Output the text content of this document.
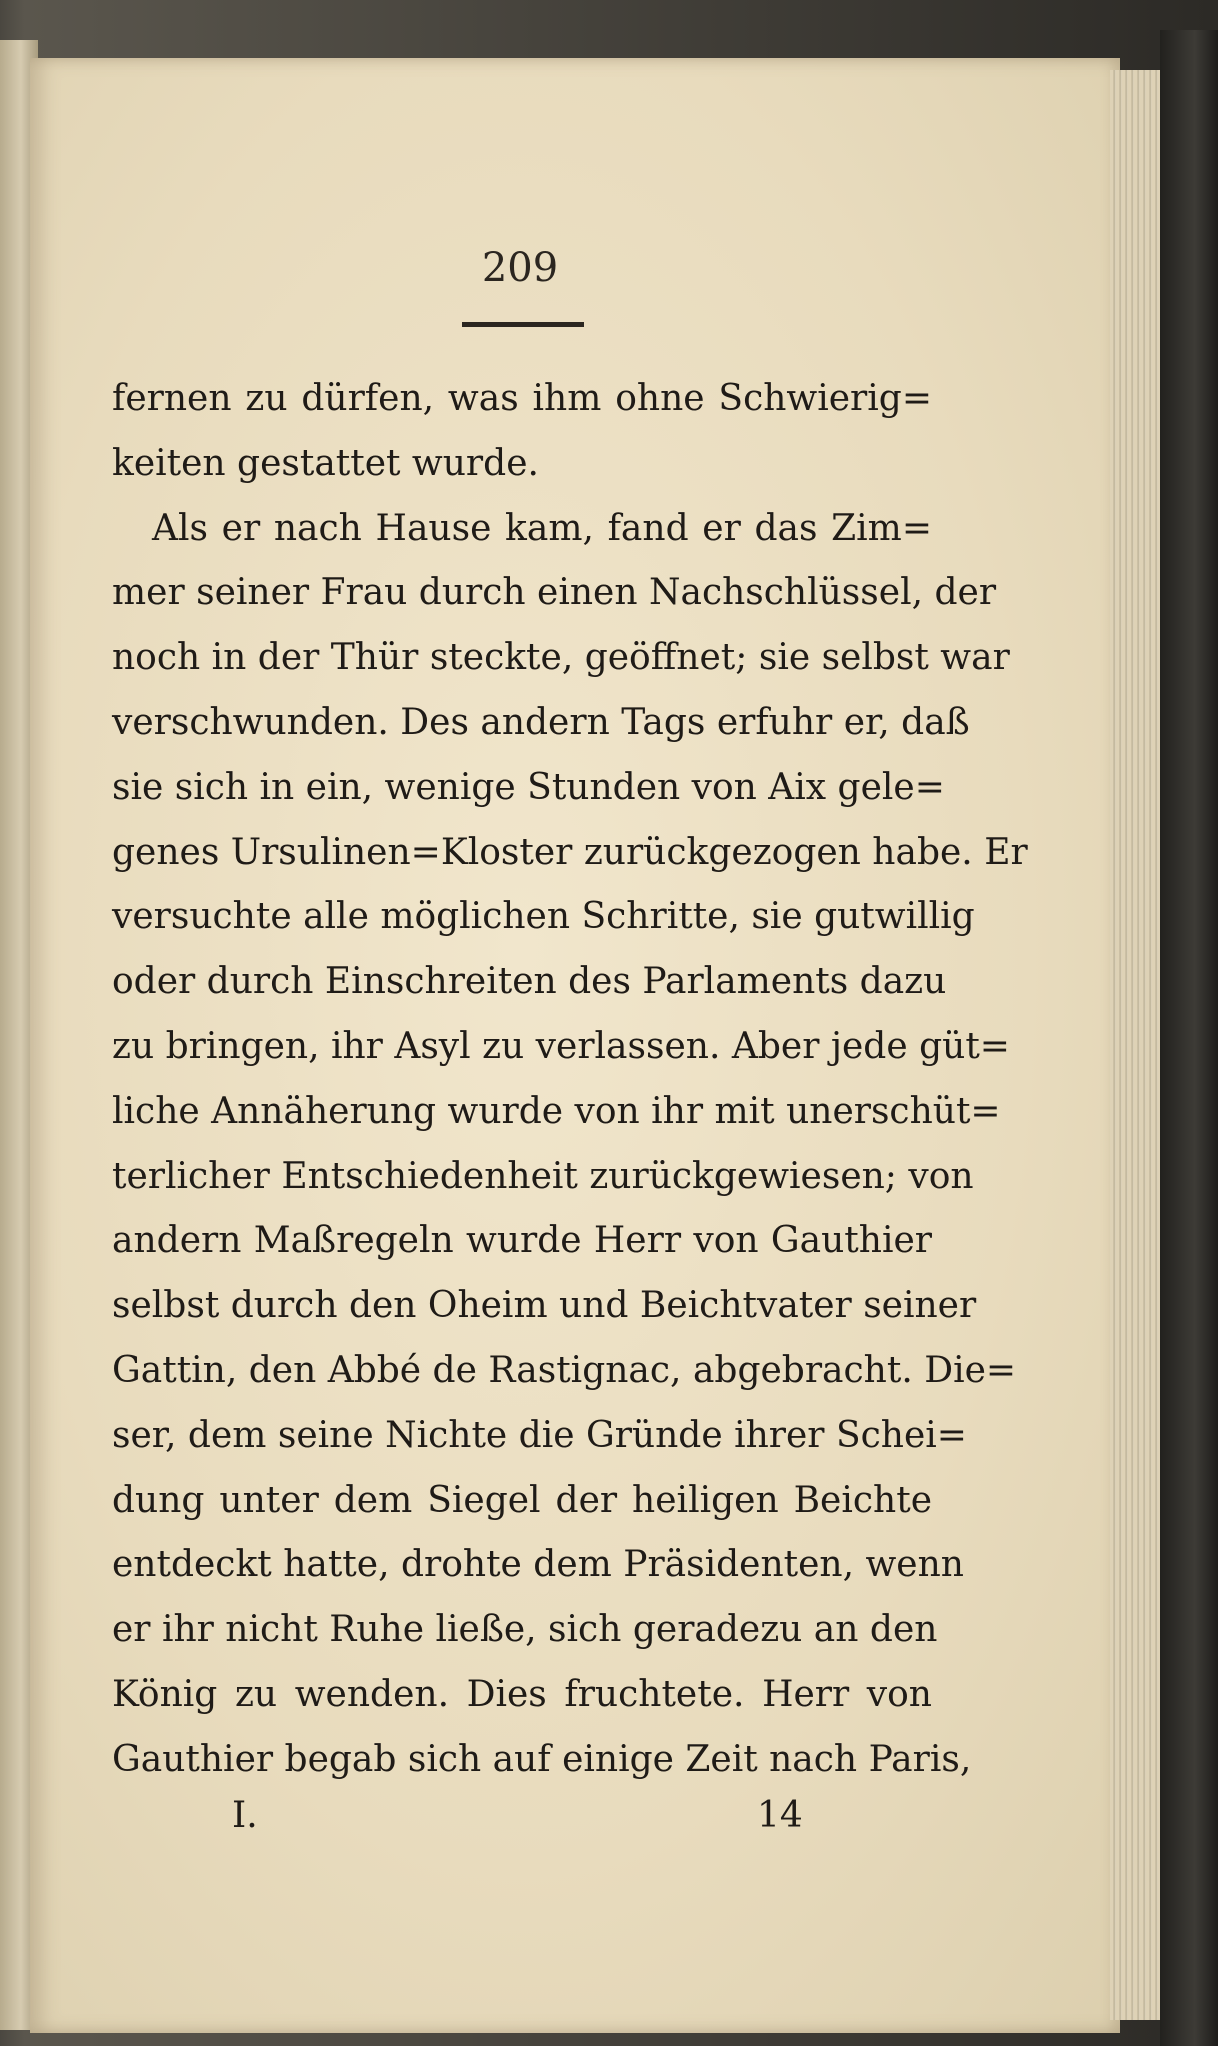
209
fernen zu dürfen, was ihm ohne Schwierig=
keiten gestattet wurde.
Als er nach Hause kam, fand er das Zim=
mer seiner Frau durch einen Nachschlüssel, der
noch in der Thür steckte, geöffnet; sie selbst war
verschwunden. Des andern Tags erfuhr er, daß
sie sich in ein, wenige Stunden von Aix gele=
genes Ursulinen=Kloster zurückgezogen habe. Er
versuchte alle möglichen Schritte, sie gutwillig
oder durch Einschreiten des Parlaments dazu
zu bringen, ihr Asyl zu verlassen. Aber jede güt=
liche Annäherung wurde von ihr mit unerschüt=
terlicher Entschiedenheit zurückgewiesen; von
andern Maßregeln wurde Herr von Gauthier
selbst durch den Oheim und Beichtvater seiner
Gattin, den Abbé de Rastignac, abgebracht. Die=
ser, dem seine Nichte die Gründe ihrer Schei=
dung unter dem Siegel der heiligen Beichte
entdeckt hatte, drohte dem Präsidenten, wenn
er ihr nicht Ruhe ließe, sich geradezu an den
König zu wenden. Dies fruchtete. Herr von
Gauthier begab sich auf einige Zeit nach Paris,
I.	14
